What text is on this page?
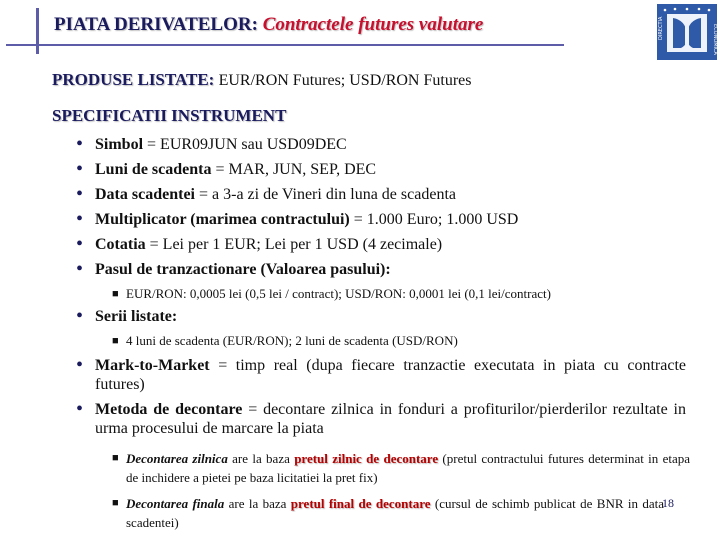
PIATA DERIVATELOR: Contractele futures valutare	DIRECTIA	ECONOMICA
PRODUSE LISTATE: EUR/RON Futures; USD/RON Futures
SPECIFICATII INSTRUMENT
• Simbol = EUR09JUN sau USD09DEC
• Luni de scadenta = MAR, JUN, SEP, DEC
• Data scadentei = a 3-a zi de Vineri din luna de scadenta
• Multiplicator (marimea contractului) = 1.000 Euro; 1.000 USD
• Cotatia = Lei per 1 EUR; Lei per 1 USD (4 zecimale)
• Pasul de tranzactionare (Valoarea pasului):
■ EUR/RON: 0,0005 lei (0,5 lei / contract); USD/RON: 0,0001 lei (0,1 lei/contract)
• Serii listate:
■ 4 luni de scadenta (EUR/RON); 2 luni de scadenta (USD/RON)
• Mark-to-Market = timp real (dupa fiecare tranzactie executata in piata cu contracte futures)
• Metoda de decontare = decontare zilnica in fonduri a profiturilor/pierderilor rezultate in urma procesului de marcare la piata
■ Decontarea zilnica are la baza pretul zilnic de decontare (pretul contractului futures determinat in etapa de inchidere a pietei pe baza licitatiei la pret fix)
■ Decontarea finala are la baza pretul final de decontare (cursul de schimb publicat de BNR in data scadentei)
18
